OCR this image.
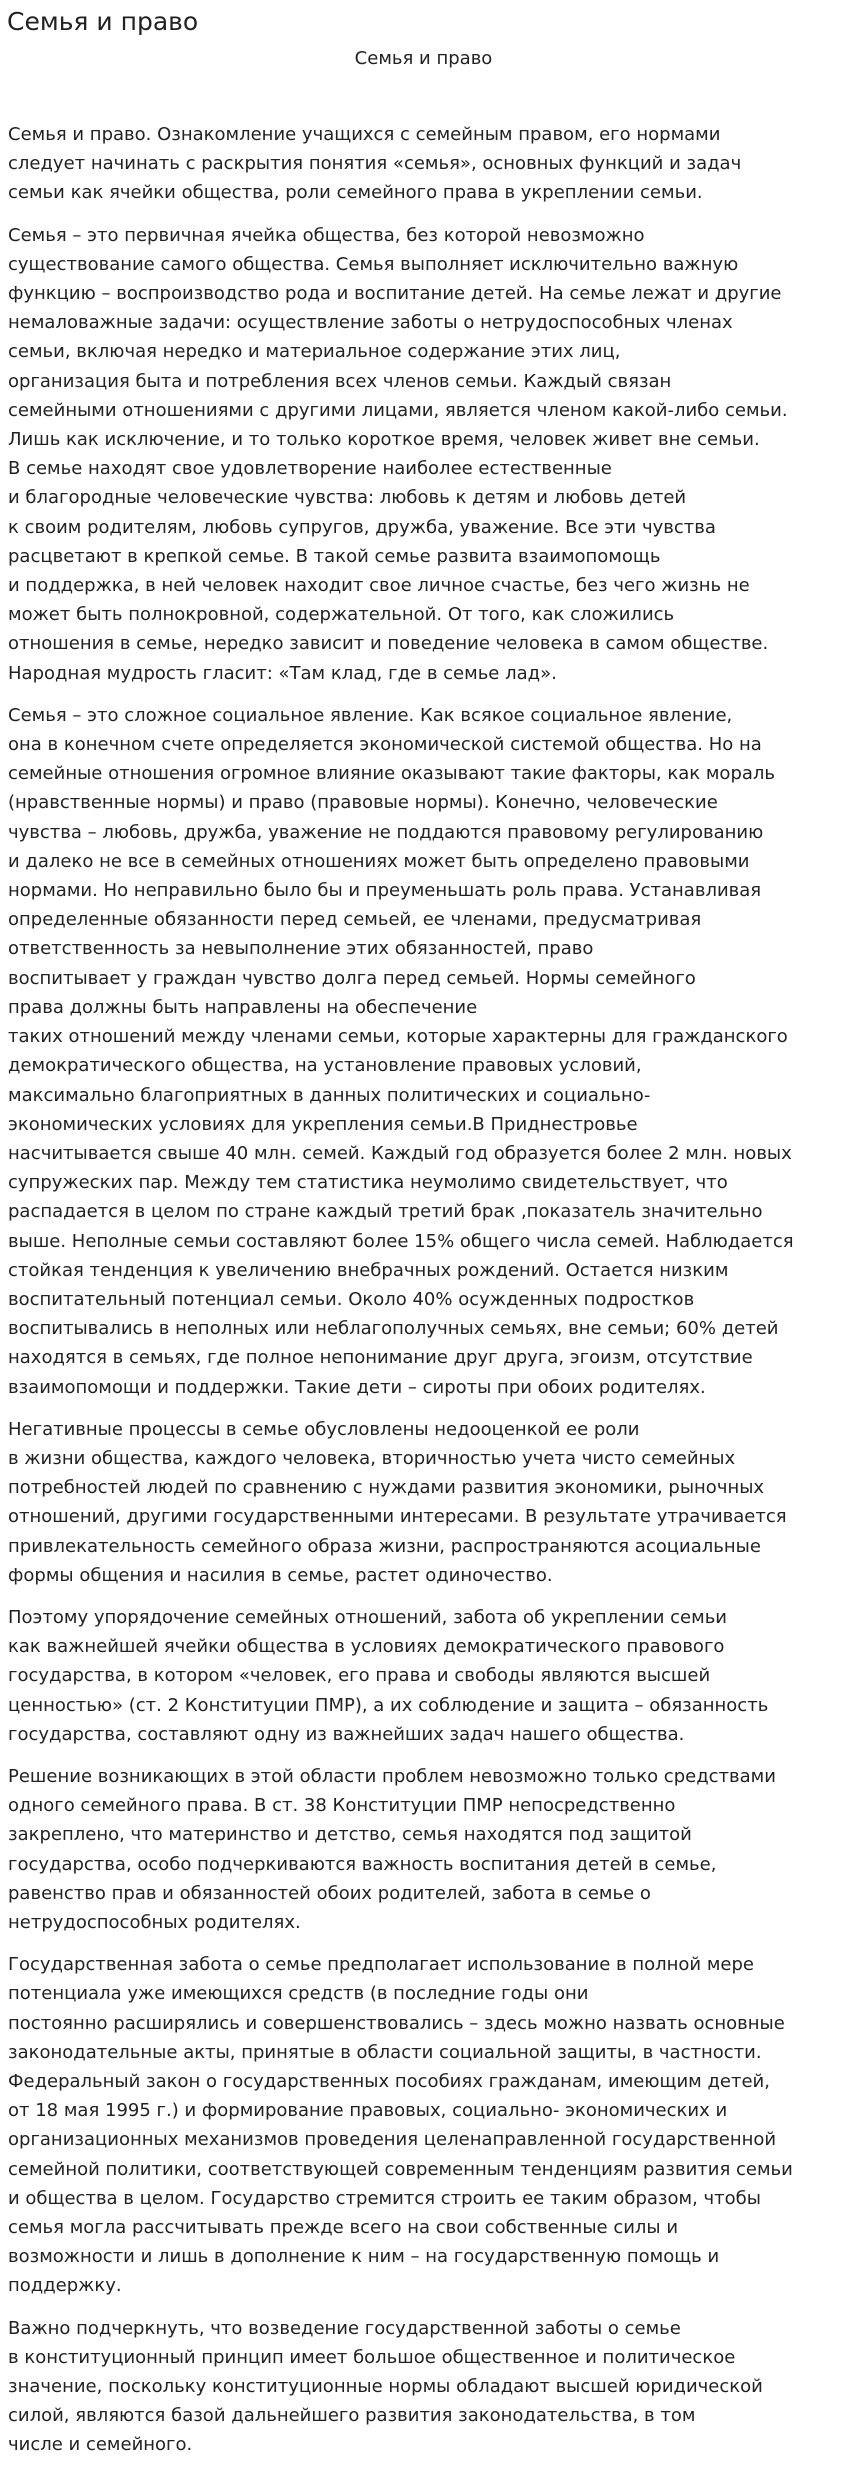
Семья и право
Семья и право

Семья и право. Ознакомление учащихся с семейным правом, его нормами
следует начинать с раскрытия понятия «семья», основных функций и задач
семьи как ячейки общества, роли семейного права в укреплении семьи.

Семья – это первичная ячейка общества, без которой невозможно
существование самого общества. Семья выполняет исключительно важную
функцию – воспроизводство рода и воспитание детей. На семье лежат и другие
немаловажные задачи: осуществление заботы о нетрудоспособных членах
семьи, включая нередко и материальное содержание этих лиц,
организация быта и потребления всех членов семьи. Каждый связан
семейными отношениями с другими лицами, является членом какой-либо семьи.
Лишь как исключение, и то только короткое время, человек живет вне семьи.
В семье находят свое удовлетворение наиболее естественные
и благородные человеческие чувства: любовь к детям и любовь детей
к своим родителям, любовь супругов, дружба, уважение. Все эти чувства
расцветают в крепкой семье. В такой семье развита взаимопомощь
и поддержка, в ней человек находит свое личное счастье, без чего жизнь не
может быть полнокровной, содержательной. От того, как сложились
отношения в семье, нередко зависит и поведение человека в самом обществе.
Народная мудрость гласит: «Там клад, где в семье лад».

Семья – это сложное социальное явление. Как всякое социальное явление,
она в конечном счете определяется экономической системой общества. Но на
семейные отношения огромное влияние оказывают такие факторы, как мораль
(нравственные нормы) и право (правовые нормы). Конечно, человеческие
чувства – любовь, дружба, уважение не поддаются правовому регулированию
и далеко не все в семейных отношениях может быть определено правовыми
нормами. Но неправильно было бы и преуменьшать роль права. Устанавливая
определенные обязанности перед семьей, ее членами, предусматривая
ответственность за невыполнение этих обязанностей, право
воспитывает у граждан чувство долга перед семьей. Нормы семейного
права должны быть направлены на обеспечение
таких отношений между членами семьи, которые характерны для гражданского
демократического общества, на установление правовых условий,
максимально благоприятных в данных политических и социально-
экономических условиях для укрепления семьи.В Приднестровье
насчитывается свыше 40 млн. семей. Каждый год образуется более 2 млн. новых
супружеских пар. Между тем статистика неумолимо свидетельствует, что
распадается в целом по стране каждый третий брак ,показатель значительно
выше. Неполные семьи составляют более 15% общего числа семей. Наблюдается
стойкая тенденция к увеличению внебрачных рождений. Остается низким
воспитательный потенциал семьи. Около 40% осужденных подростков
воспитывались в неполных или неблагополучных семьях, вне семьи; 60% детей
находятся в семьях, где полное непонимание друг друга, эгоизм, отсутствие
взаимопомощи и поддержки. Такие дети – сироты при обоих родителях.

Негативные процессы в семье обусловлены недооценкой ее роли
в жизни общества, каждого человека, вторичностью учета чисто семейных
потребностей людей по сравнению с нуждами развития экономики, рыночных
отношений, другими государственными интересами. В результате утрачивается
привлекательность семейного образа жизни, распространяются асоциальные
формы общения и насилия в семье, растет одиночество.

Поэтому упорядочение семейных отношений, забота об укреплении семьи
как важнейшей ячейки общества в условиях демократического правового
государства, в котором «человек, его права и свободы являются высшей
ценностью» (ст. 2 Конституции ПМР), а их соблюдение и защита – обязанность
государства, составляют одну из важнейших задач нашего общества.

Решение возникающих в этой области проблем невозможно только средствами
одного семейного права. В ст. 38 Конституции ПМР непосредственно
закреплено, что материнство и детство, семья находятся под защитой
государства, особо подчеркиваются важность воспитания детей в семье,
равенство прав и обязанностей обоих родителей, забота в семье о
нетрудоспособных родителях.

Государственная забота о семье предполагает использование в полной мере
потенциала уже имеющихся средств (в последние годы они
постоянно расширялись и совершенствовались – здесь можно назвать основные
законодательные акты, принятые в области социальной защиты, в частности.
Федеральный закон о государственных пособиях гражданам, имеющим детей,
от 18 мая 1995 г.) и формирование правовых, социально- экономических и
организационных механизмов проведения целенаправленной государственной
семейной политики, соответствующей современным тенденциям развития семьи
и общества в целом. Государство стремится строить ее таким образом, чтобы
семья могла рассчитывать прежде всего на свои собственные силы и
возможности и лишь в дополнение к ним – на государственную помощь и
поддержку.

Важно подчеркнуть, что возведение государственной заботы о семье
в конституционный принцип имеет большое общественное и политическое
значение, поскольку конституционные нормы обладают высшей юридической
силой, являются базой дальнейшего развития законодательства, в том
числе и семейного.
